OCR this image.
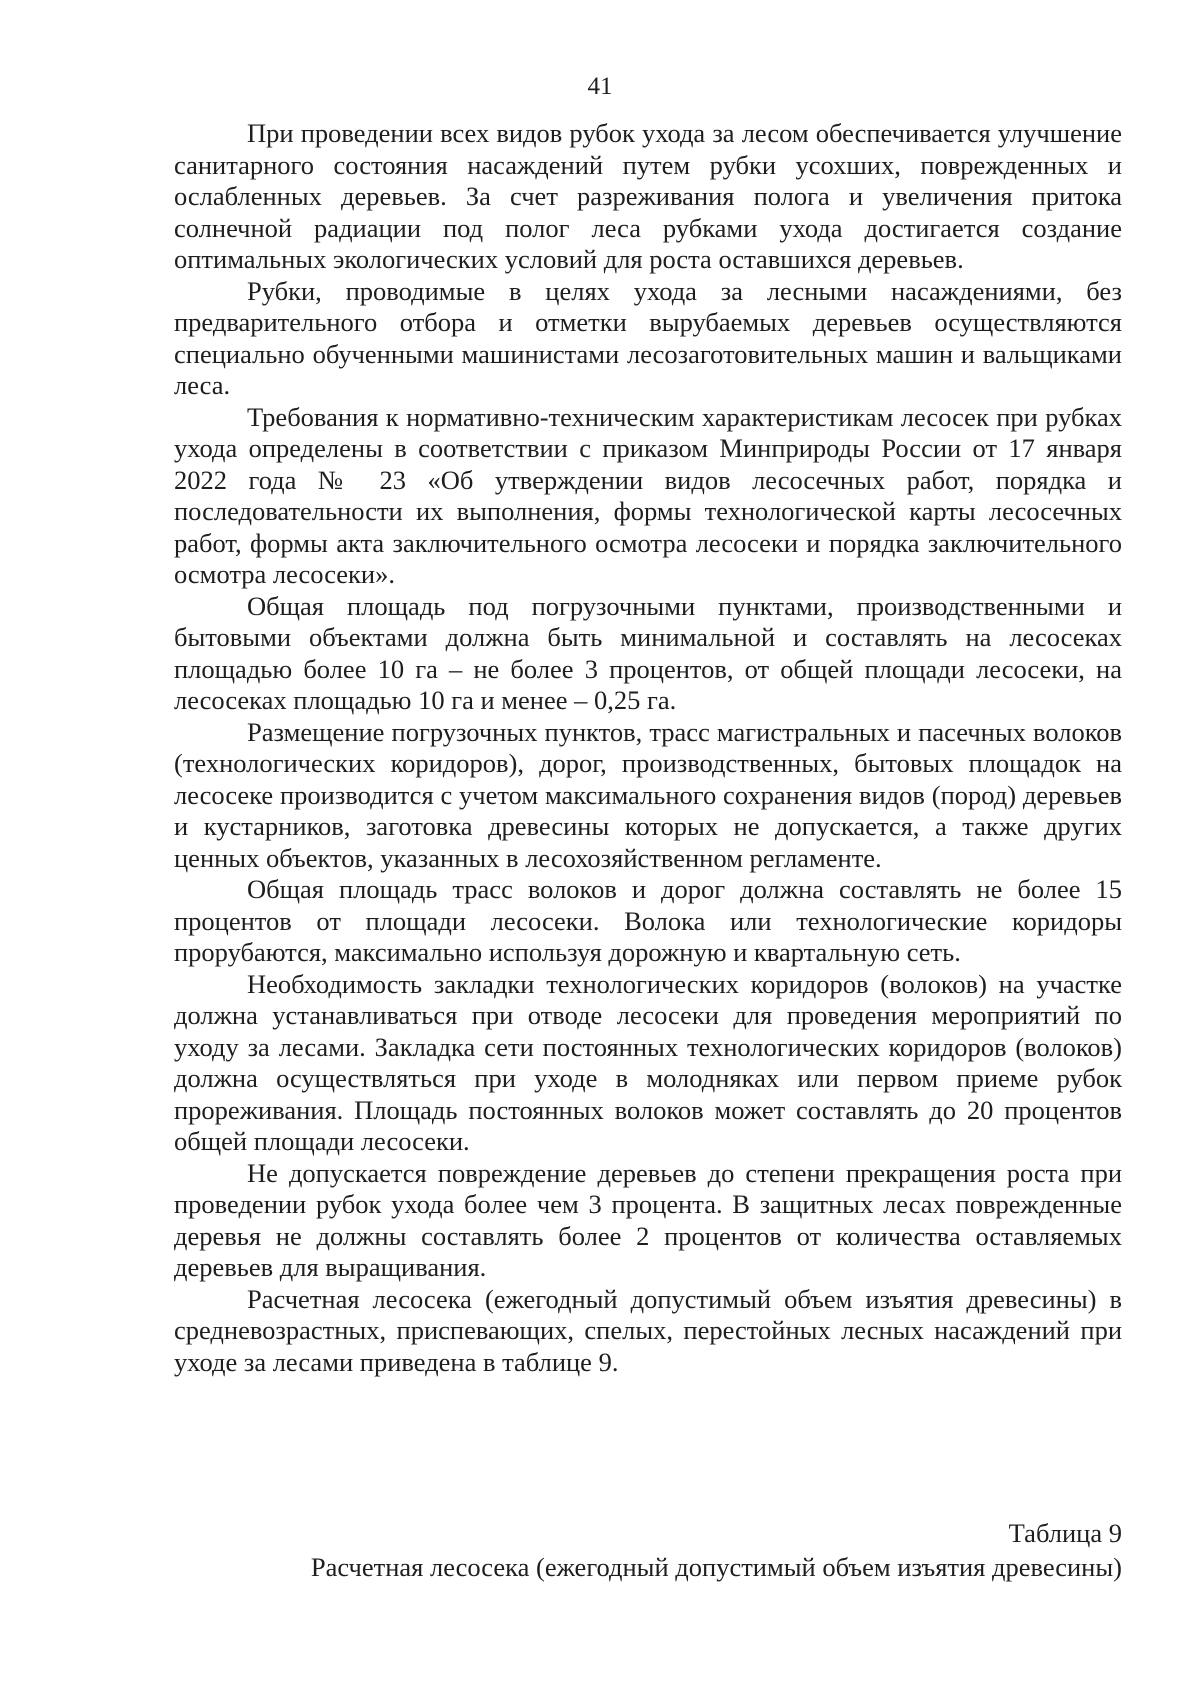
41

При проведении всех видов рубок ухода за лесом обеспечивается улучшение санитарного состояния насаждений путем рубки усохших, поврежденных и ослабленных деревьев. За счет разреживания полога и увеличения притока солнечной радиации под полог леса рубками ухода достигается создание оптимальных экологических условий для роста оставшихся деревьев.

Рубки, проводимые в целях ухода за лесными насаждениями, без предварительного отбора и отметки вырубаемых деревьев осуществляются специально обученными машинистами лесозаготовительных машин и вальщиками леса.

Требования к нормативно-техническим характеристикам лесосек при рубках ухода определены в соответствии с приказом Минприроды России от 17 января 2022 года № 23 «Об утверждении видов лесосечных работ, порядка и последовательности их выполнения, формы технологической карты лесосечных работ, формы акта заключительного осмотра лесосеки и порядка заключительного осмотра лесосеки».

Общая площадь под погрузочными пунктами, производственными и бытовыми объектами должна быть минимальной и составлять на лесосеках площадью более 10 га – не более 3 процентов, от общей площади лесосеки, на лесосеках площадью 10 га и менее – 0,25 га.

Размещение погрузочных пунктов, трасс магистральных и пасечных волоков (технологических коридоров), дорог, производственных, бытовых площадок на лесосеке производится с учетом максимального сохранения видов (пород) деревьев и кустарников, заготовка древесины которых не допускается, а также других ценных объектов, указанных в лесохозяйственном регламенте.

Общая площадь трасс волоков и дорог должна составлять не более 15 процентов от площади лесосеки. Волока или технологические коридоры прорубаются, максимально используя дорожную и квартальную сеть.

Необходимость закладки технологических коридоров (волоков) на участке должна устанавливаться при отводе лесосеки для проведения мероприятий по уходу за лесами. Закладка сети постоянных технологических коридоров (волоков) должна осуществляться при уходе в молодняках или первом приеме рубок прореживания. Площадь постоянных волоков может составлять до 20 процентов общей площади лесосеки.

Не допускается повреждение деревьев до степени прекращения роста при проведении рубок ухода более чем 3 процента. В защитных лесах поврежденные деревья не должны составлять более 2 процентов от количества оставляемых деревьев для выращивания.

Расчетная лесосека (ежегодный допустимый объем изъятия древесины) в средневозрастных, приспевающих, спелых, перестойных лесных насаждений при уходе за лесами приведена в таблице 9.

Таблица 9

Расчетная лесосека (ежегодный допустимый объем изъятия древесины)
